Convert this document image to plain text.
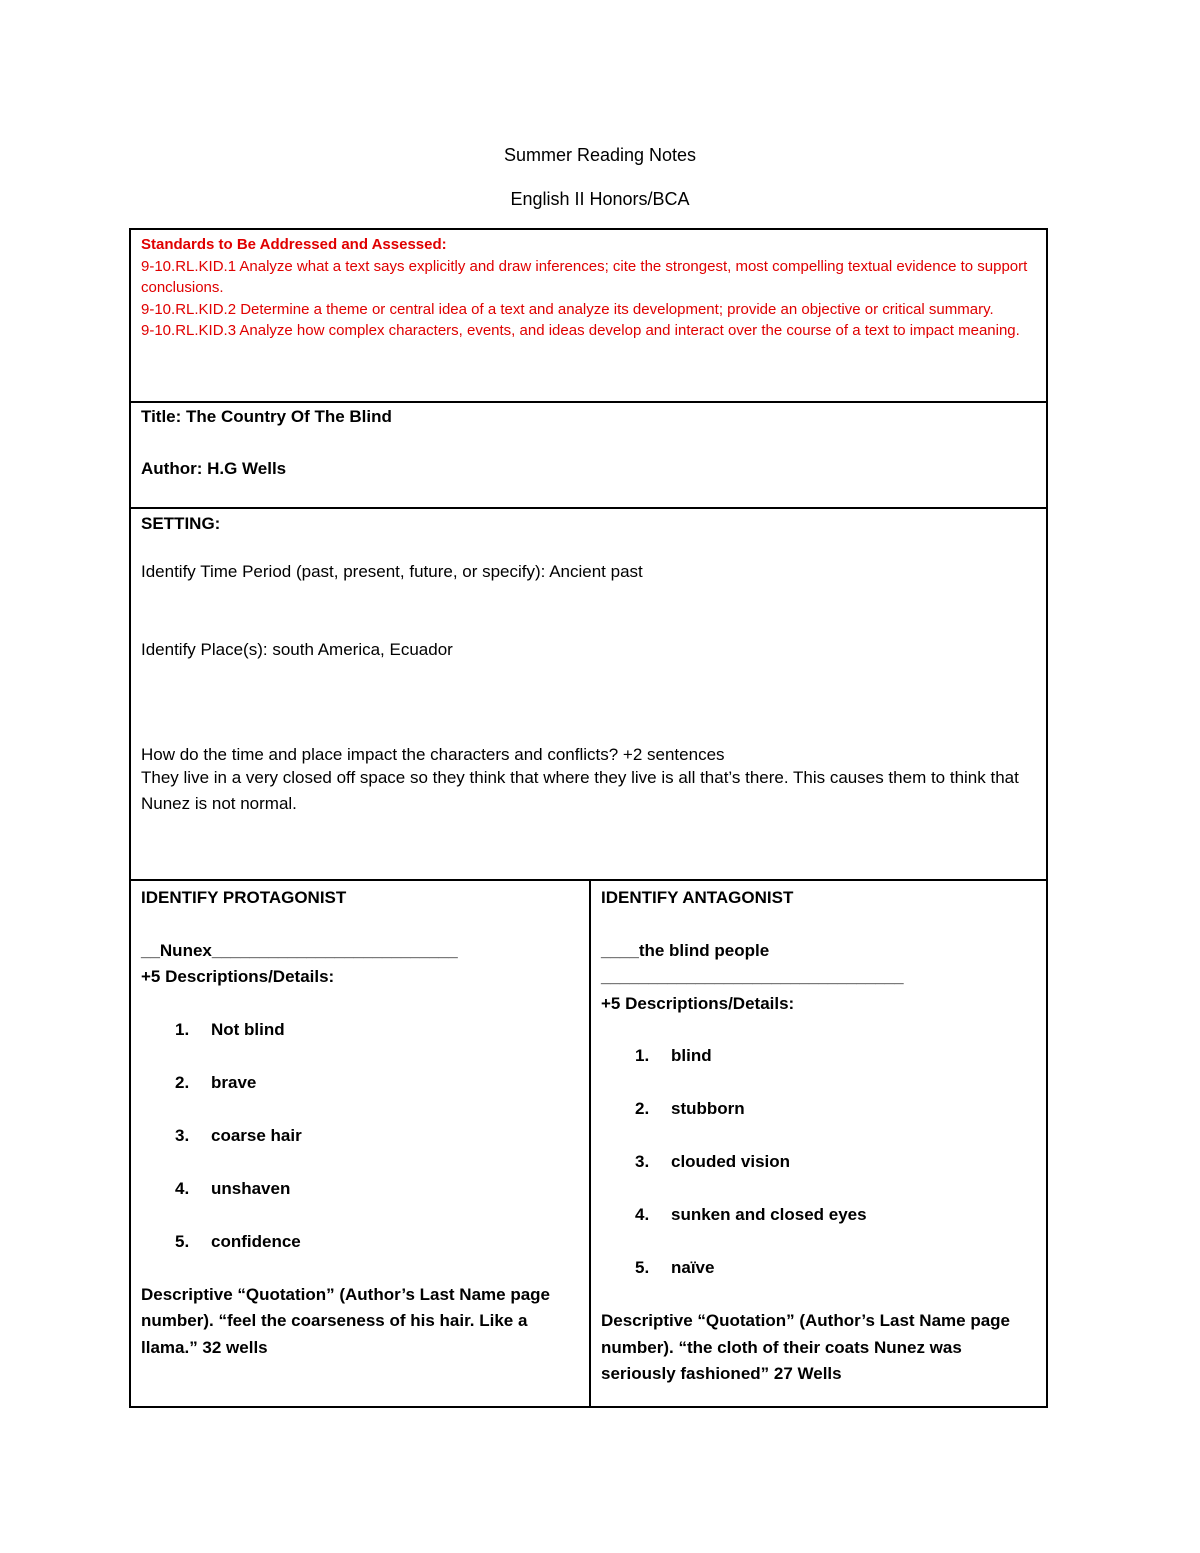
Summer Reading Notes
English II Honors/BCA
Standards to Be Addressed and Assessed:
9-10.RL.KID.1 Analyze what a text says explicitly and draw inferences; cite the strongest, most compelling textual evidence to support conclusions.
9-10.RL.KID.2 Determine a theme or central idea of a text and analyze its development; provide an objective or critical summary.
9-10.RL.KID.3 Analyze how complex characters, events, and ideas develop and interact over the course of a text to impact meaning.

Title: The Country Of The Blind

Author: H.G Wells

SETTING:

Identify Time Period (past, present, future, or specify): Ancient past

Identify Place(s): south America, Ecuador

How do the time and place impact the characters and conflicts? +2 sentences

They live in a very closed off space so they think that where they live is all that’s there. This causes them to think that Nunez is not normal.

IDENTIFY PROTAGONIST

__Nunex__________________________

+5 Descriptions/Details:

1. Not blind
2. brave
3. coarse hair
4. unshaven
5. confidence

Descriptive “Quotation” (Author’s Last Name page number). “feel the coarseness of his hair. Like a llama.” 32 wells

IDENTIFY ANTAGONIST

____the blind people

________________________________

+5 Descriptions/Details:

1. blind
2. stubborn
3. clouded vision
4. sunken and closed eyes
5. naïve

Descriptive “Quotation” (Author’s Last Name page number). “the cloth of their coats Nunez was seriously fashioned” 27 Wells
